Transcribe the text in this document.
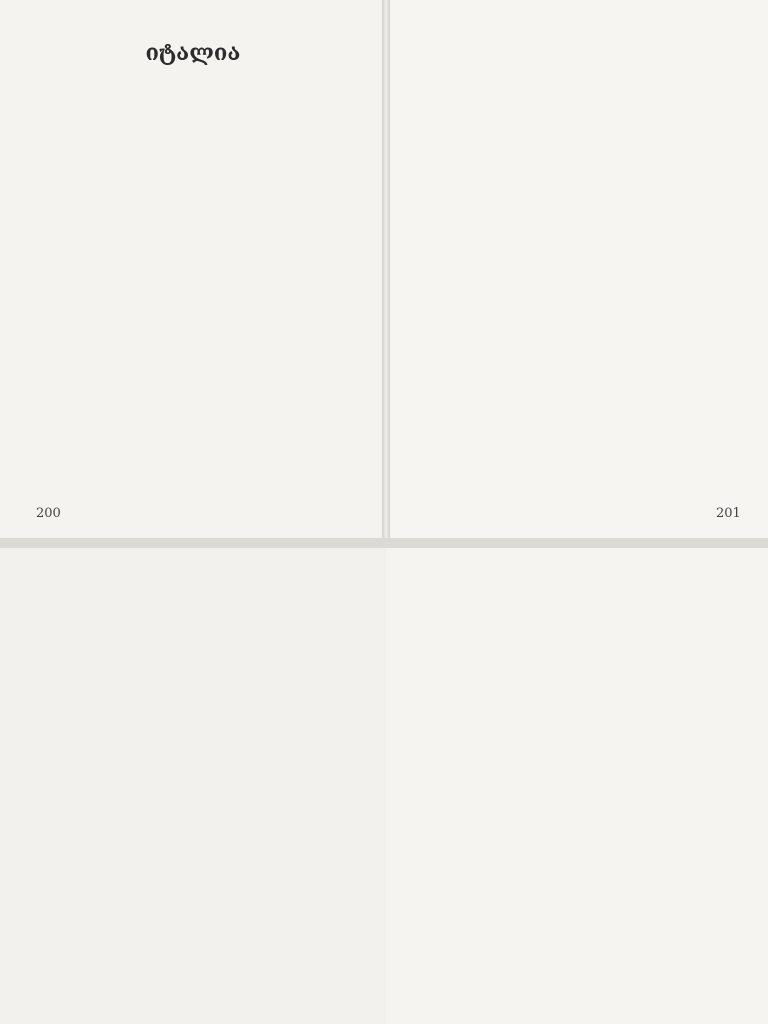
იტალია

200	201
